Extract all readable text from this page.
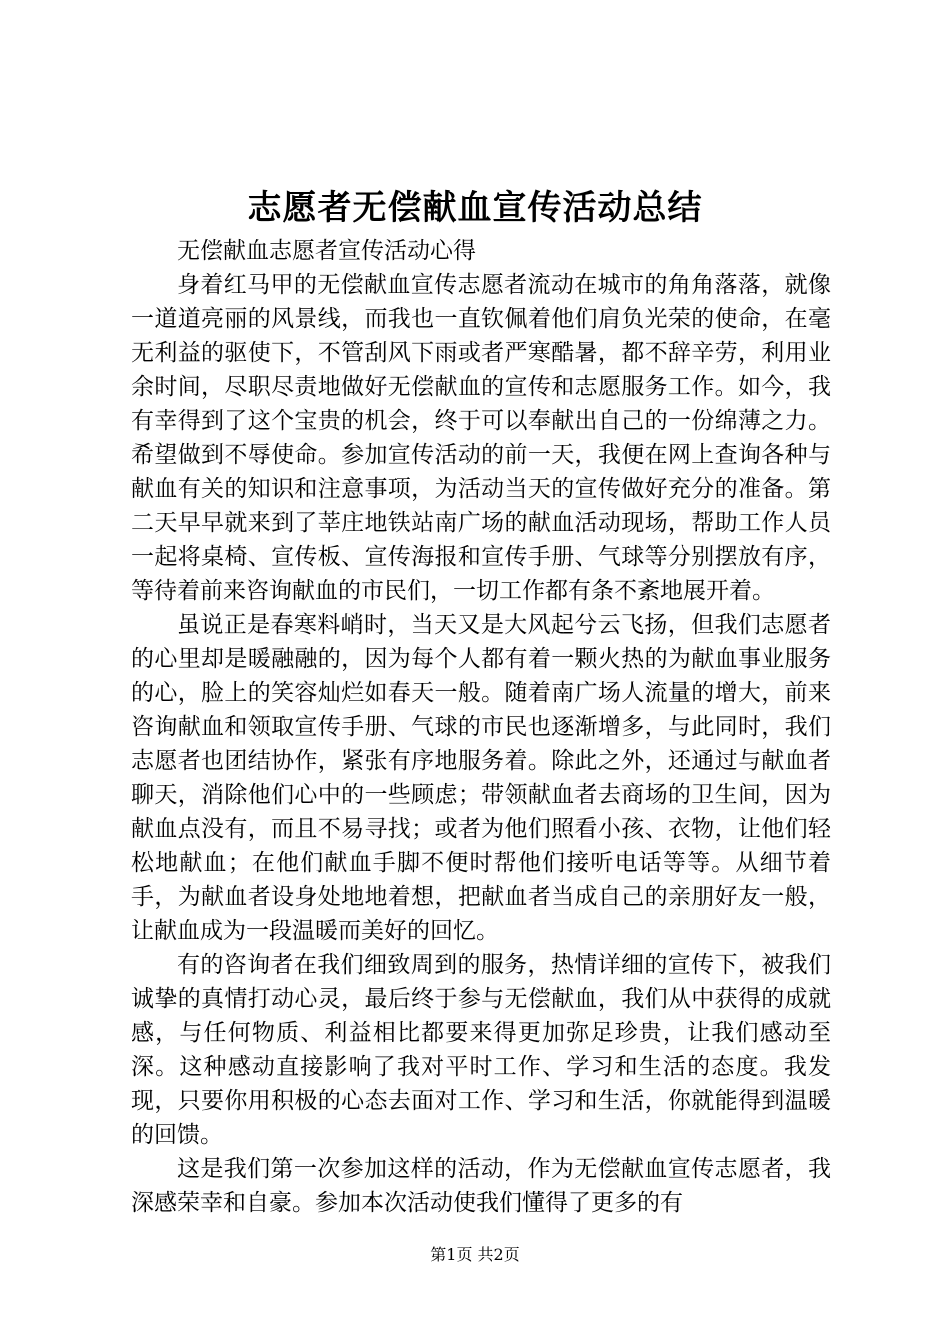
志愿者无偿献血宣传活动总结

无偿献血志愿者宣传活动心得

身着红马甲的无偿献血宣传志愿者流动在城市的角角落落，就像一道道亮丽的风景线，而我也一直钦佩着他们肩负光荣的使命，在毫无利益的驱使下，不管刮风下雨或者严寒酷暑，都不辞辛劳，利用业余时间，尽职尽责地做好无偿献血的宣传和志愿服务工作。如今，我有幸得到了这个宝贵的机会，终于可以奉献出自己的一份绵薄之力。希望做到不辱使命。参加宣传活动的前一天，我便在网上查询各种与献血有关的知识和注意事项，为活动当天的宣传做好充分的准备。第二天早早就来到了莘庄地铁站南广场的献血活动现场，帮助工作人员一起将桌椅、宣传板、宣传海报和宣传手册、气球等分别摆放有序，等待着前来咨询献血的市民们，一切工作都有条不紊地展开着。

虽说正是春寒料峭时，当天又是大风起兮云飞扬，但我们志愿者的心里却是暖融融的，因为每个人都有着一颗火热的为献血事业服务的心，脸上的笑容灿烂如春天一般。随着南广场人流量的增大，前来咨询献血和领取宣传手册、气球的市民也逐渐增多，与此同时，我们志愿者也团结协作，紧张有序地服务着。除此之外，还通过与献血者聊天，消除他们心中的一些顾虑；带领献血者去商场的卫生间，因为献血点没有，而且不易寻找；或者为他们照看小孩、衣物，让他们轻松地献血；在他们献血手脚不便时帮他们接听电话等等。从细节着手，为献血者设身处地地着想，把献血者当成自己的亲朋好友一般，让献血成为一段温暖而美好的回忆。

有的咨询者在我们细致周到的服务，热情详细的宣传下，被我们诚挚的真情打动心灵，最后终于参与无偿献血，我们从中获得的成就感，与任何物质、利益相比都要来得更加弥足珍贵，让我们感动至深。这种感动直接影响了我对平时工作、学习和生活的态度。我发现，只要你用积极的心态去面对工作、学习和生活，你就能得到温暖的回馈。

这是我们第一次参加这样的活动，作为无偿献血宣传志愿者，我深感荣幸和自豪。参加本次活动使我们懂得了更多的有

第1页 共2页
